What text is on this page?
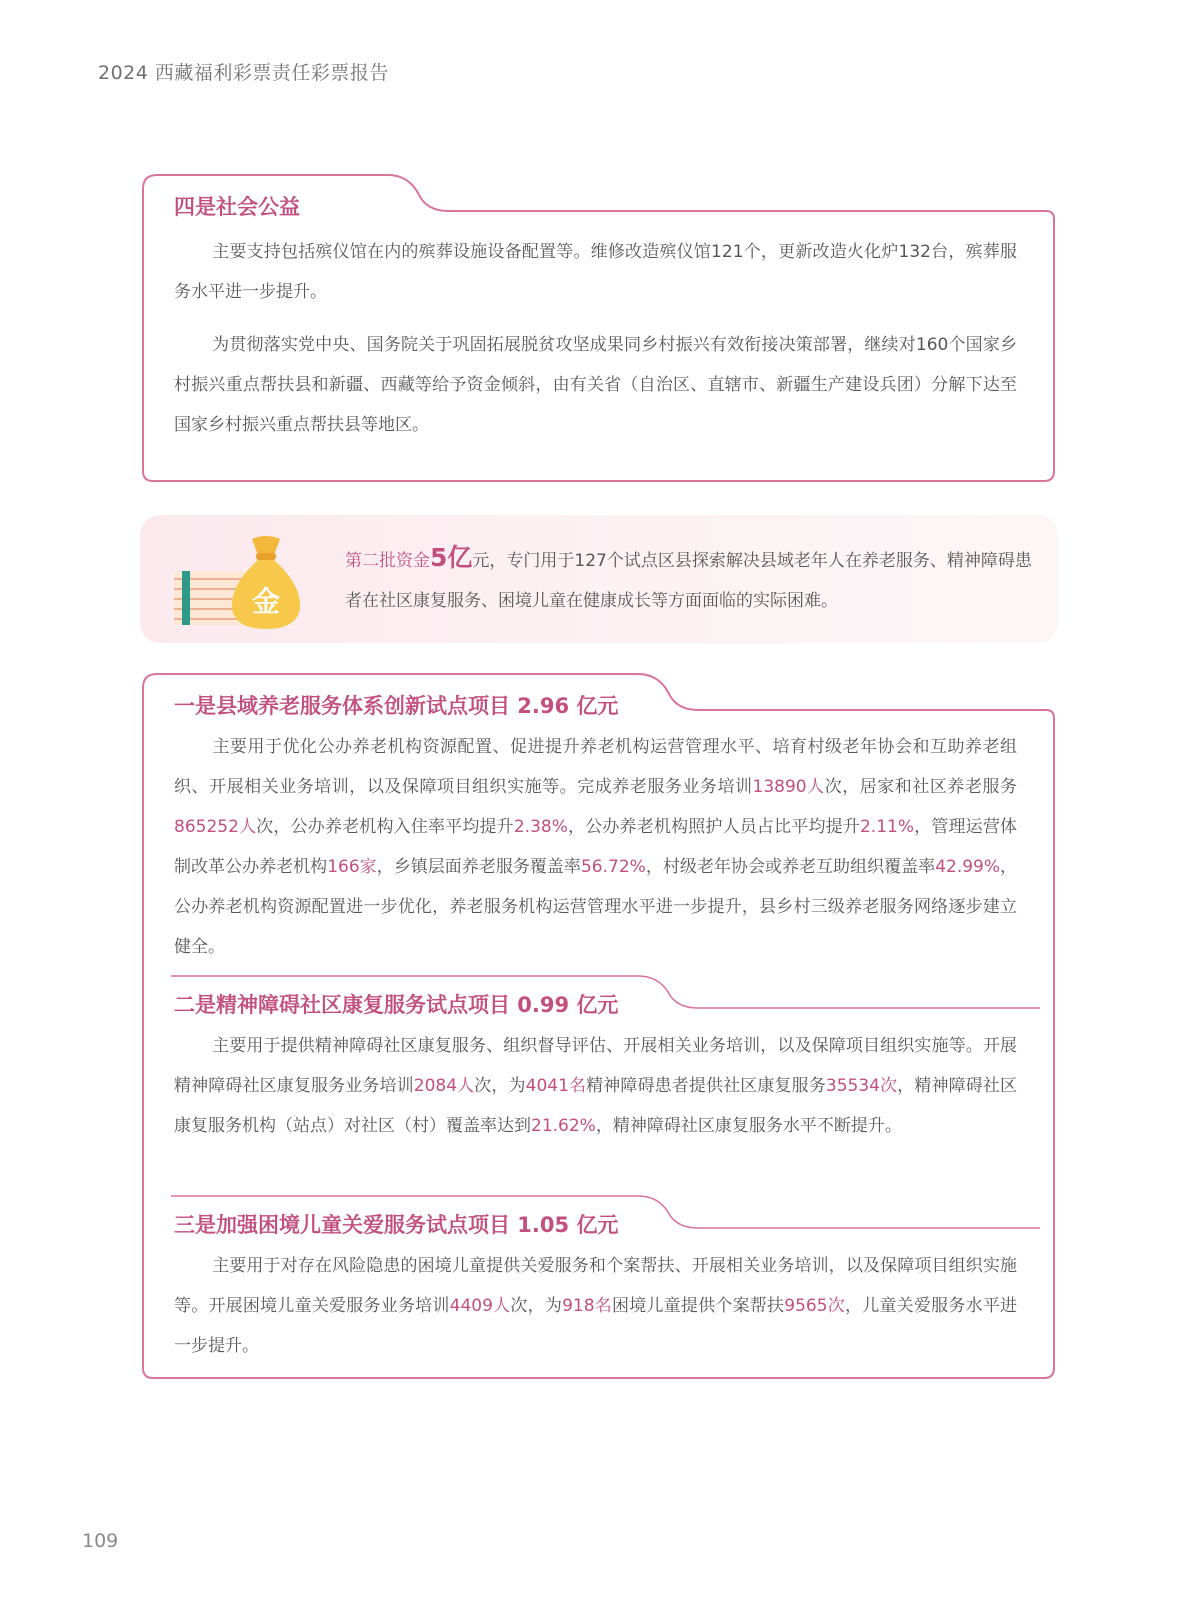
2024 西藏福利彩票责任彩票报告
四是社会公益

主要支持包括殡仪馆在内的殡葬设施设备配置等。维修改造殡仪馆121个，更新改造火化炉132台，殡葬服务水平进一步提升。

为贯彻落实党中央、国务院关于巩固拓展脱贫攻坚成果同乡村振兴有效衔接决策部署，继续对160个国家乡村振兴重点帮扶县和新疆、西藏等给予资金倾斜，由有关省（自治区、直辖市、新疆生产建设兵团）分解下达至国家乡村振兴重点帮扶县等地区。

金

第二批资金5亿元，专门用于127个试点区县探索解决县域老年人在养老服务、精神障碍患者在社区康复服务、困境儿童在健康成长等方面面临的实际困难。

一是县域养老服务体系创新试点项目 2.96 亿元

主要用于优化公办养老机构资源配置、促进提升养老机构运营管理水平、培育村级老年协会和互助养老组织、开展相关业务培训，以及保障项目组织实施等。完成养老服务业务培训13890人次，居家和社区养老服务865252人次，公办养老机构入住率平均提升2.38%，公办养老机构照护人员占比平均提升2.11%，管理运营体制改革公办养老机构166家，乡镇层面养老服务覆盖率56.72%，村级老年协会或养老互助组织覆盖率42.99%，公办养老机构资源配置进一步优化，养老服务机构运营管理水平进一步提升，县乡村三级养老服务网络逐步建立健全。

二是精神障碍社区康复服务试点项目 0.99 亿元

主要用于提供精神障碍社区康复服务、组织督导评估、开展相关业务培训，以及保障项目组织实施等。开展精神障碍社区康复服务业务培训2084人次，为4041名精神障碍患者提供社区康复服务35534次，精神障碍社区康复服务机构（站点）对社区（村）覆盖率达到21.62%，精神障碍社区康复服务水平不断提升。

三是加强困境儿童关爱服务试点项目 1.05 亿元

主要用于对存在风险隐患的困境儿童提供关爱服务和个案帮扶、开展相关业务培训，以及保障项目组织实施等。开展困境儿童关爱服务业务培训4409人次，为918名困境儿童提供个案帮扶9565次，儿童关爱服务水平进一步提升。

109
